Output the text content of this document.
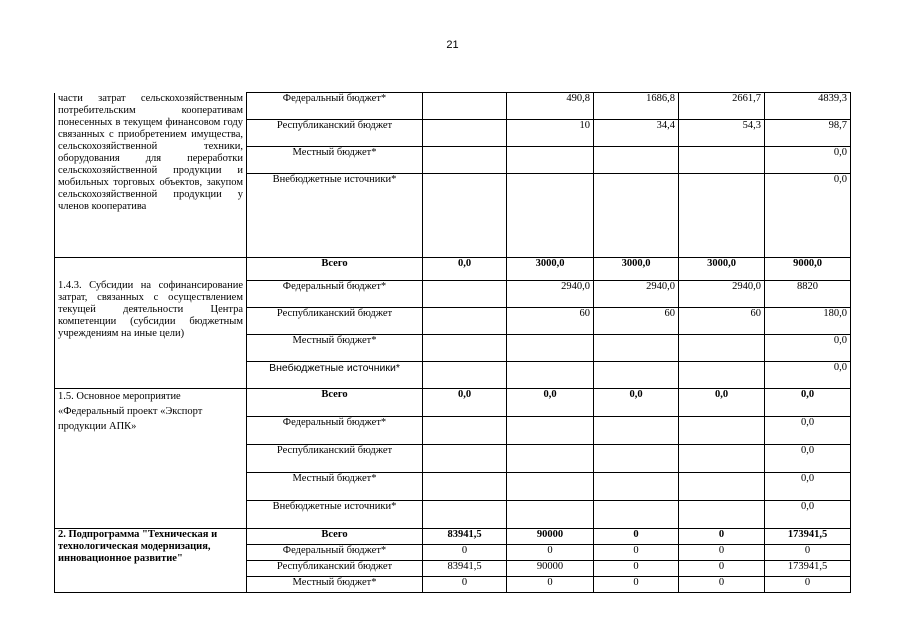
21
части затрат сельскохозяйственным потребительским кооперативам понесенных в текущем финансовом году связанных с приобретением имущества, сельскохозяйственной техники, оборудования для переработки сельскохозяйственной продукции и мобильных торговых объектов, закупом сельскохозяйственной продукции у членов кооператива	Федеральный бюджет*		490,8	1686,8	2661,7	4839,3
	Республиканский бюджет		10	34,4	54,3	98,7
	Местный бюджет*					0,0
	Внебюджетные источники*					0,0
1.4.3. Субсидии на софинансирование затрат, связанных с осуществлением текущей деятельности Центра компетенции (субсидии бюджетным учреждениям на иные цели)	Всего	0,0	3000,0	3000,0	3000,0	9000,0
	Федеральный бюджет*		2940,0	2940,0	2940,0	8820
	Республиканский бюджет		60	60	60	180,0
	Местный бюджет*					0,0
	Внебюджетные источники*					0,0
1.5. Основное мероприятие «Федеральный проект «Экспорт продукции АПК»	Всего	0,0	0,0	0,0	0,0	0,0
	Федеральный бюджет*					0,0
	Республиканский бюджет					0,0
	Местный бюджет*					0,0
	Внебюджетные источники*					0,0
2. Подпрограмма "Техническая и технологическая модернизация, инновационное развитие"	Всего	83941,5	90000	0	0	173941,5
	Федеральный бюджет*	0	0	0	0	0
	Республиканский бюджет	83941,5	90000	0	0	173941,5
	Местный бюджет*	0	0	0	0	0
